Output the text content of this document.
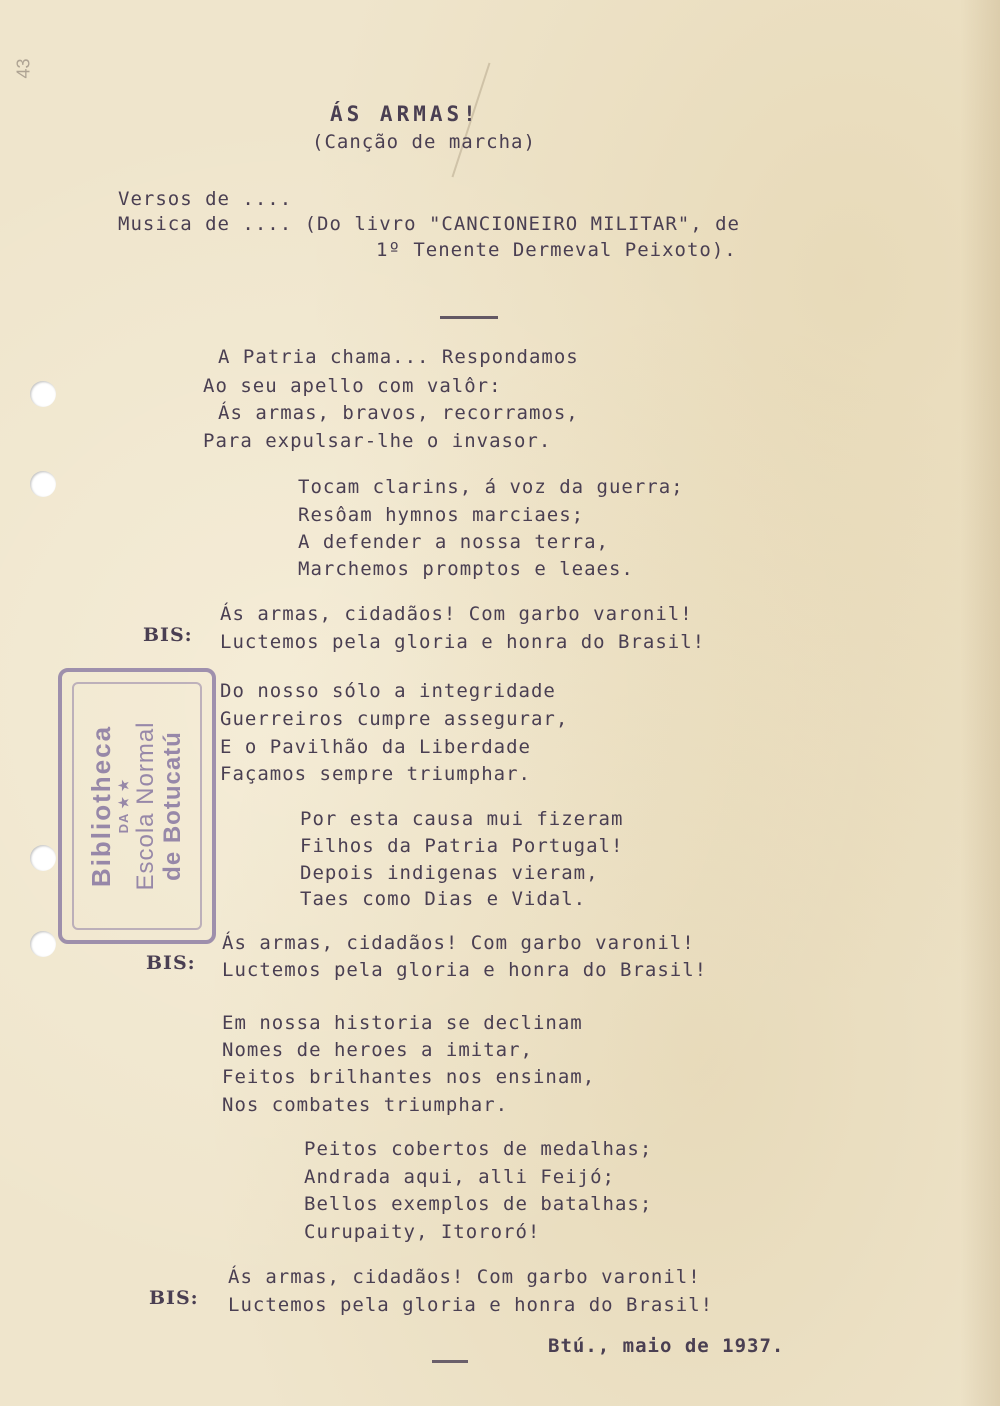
43

ÁS ARMAS!

(Canção de marcha)

Versos de ....

Musica de .... (Do livro "CANCIONEIRO MILITAR", de

1º Tenente Dermeval Peixoto).

A Patria chama... Respondamos

Ao seu apello com valôr:

Ás armas, bravos, recorramos,

Para expulsar-lhe o invasor.

Tocam clarins, á voz da guerra;

Resôam hymnos marciaes;

A defender a nossa terra,

Marchemos promptos e leaes.

Ás armas, cidadãos! Com garbo varonil!

BIS: Luctemos pela gloria e honra do Brasil!

Do nosso sólo a integridade

Guerreiros cumpre assegurar,

E o Pavilhão da Liberdade

Façamos sempre triumphar.

Por esta causa mui fizeram

Filhos da Patria Portugal!

Depois indigenas vieram,

Taes como Dias e Vidal.

Ás armas, cidadãos! Com garbo varonil!

BIS: Luctemos pela gloria e honra do Brasil!

Em nossa historia se declinam

Nomes de heroes a imitar,

Feitos brilhantes nos ensinam,

Nos combates triumphar.

Peitos cobertos de medalhas;

Andrada aqui, alli Feijó;

Bellos exemplos de batalhas;

Curupaity, Itororó!

Ás armas, cidadãos! Com garbo varonil!

BIS: Luctemos pela gloria e honra do Brasil!

Btú., maio de 1937.

Bibliotheca DA ★ ★ Escola Normal de Botucatú
